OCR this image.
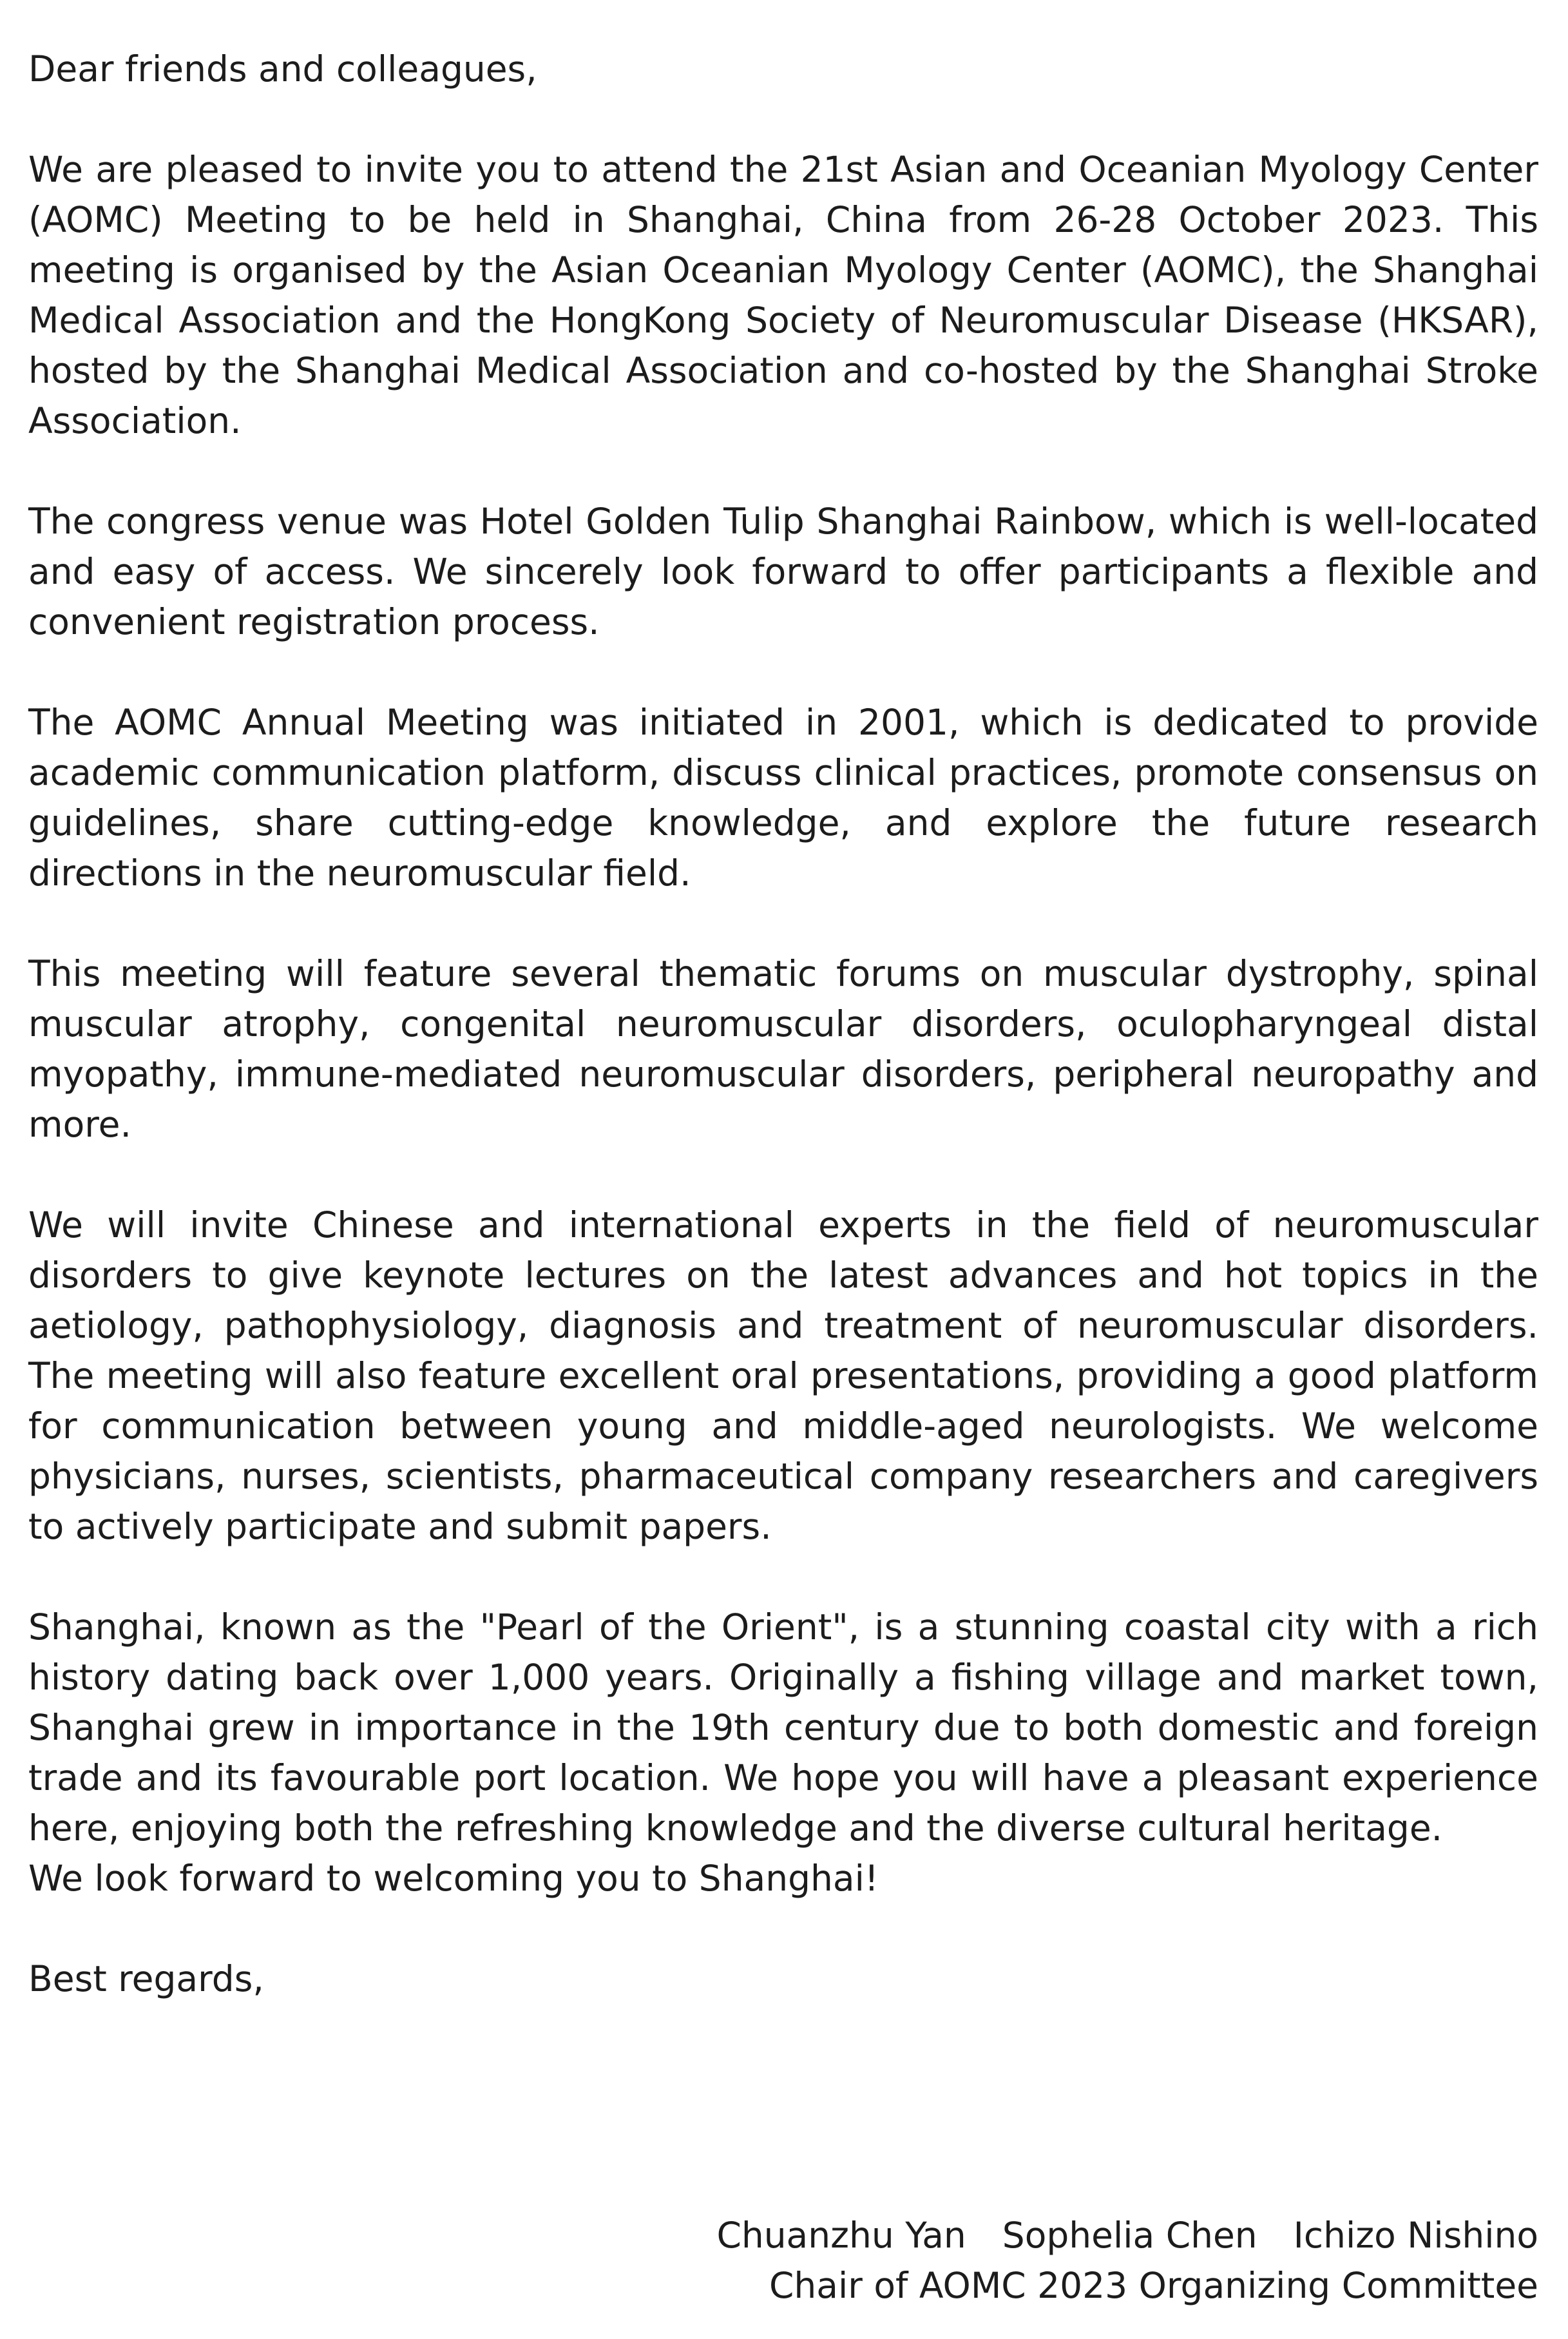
Dear friends and colleagues,

We are pleased to invite you to attend the 21st Asian and Oceanian Myology Center (AOMC) Meeting to be held in Shanghai, China from 26-28 October 2023. This meeting is organised by the Asian Oceanian Myology Center (AOMC), the Shanghai Medical Association and the HongKong Society of Neuromuscular Disease (HKSAR), hosted by the Shanghai Medical Association and co-hosted by the Shanghai Stroke Association.

The congress venue was Hotel Golden Tulip Shanghai Rainbow, which is well-located and easy of access. We sincerely look forward to offer participants a flexible and convenient registration process.

The AOMC Annual Meeting was initiated in 2001, which is dedicated to provide academic communication platform, discuss clinical practices, promote consensus on guidelines, share cutting-edge knowledge, and explore the future research directions in the neuromuscular field.

This meeting will feature several thematic forums on muscular dystrophy, spinal muscular atrophy, congenital neuromuscular disorders, oculopharyngeal distal myopathy, immune-mediated neuromuscular disorders, peripheral neuropathy and more.

We will invite Chinese and international experts in the field of neuromuscular disorders to give keynote lectures on the latest advances and hot topics in the aetiology, pathophysiology, diagnosis and treatment of neuromuscular disorders. The meeting will also feature excellent oral presentations, providing a good platform for communication between young and middle-aged neurologists. We welcome physicians, nurses, scientists, pharmaceutical company researchers and caregivers to actively participate and submit papers.

Shanghai, known as the "Pearl of the Orient", is a stunning coastal city with a rich history dating back over 1,000 years. Originally a fishing village and market town, Shanghai grew in importance in the 19th century due to both domestic and foreign trade and its favourable port location. We hope you will have a pleasant experience here, enjoying both the refreshing knowledge and the diverse cultural heritage.

We look forward to welcoming you to Shanghai!

Best regards,

Chuanzhu Yan Sophelia Chen Ichizo Nishino
Chair of AOMC 2023 Organizing Committee
